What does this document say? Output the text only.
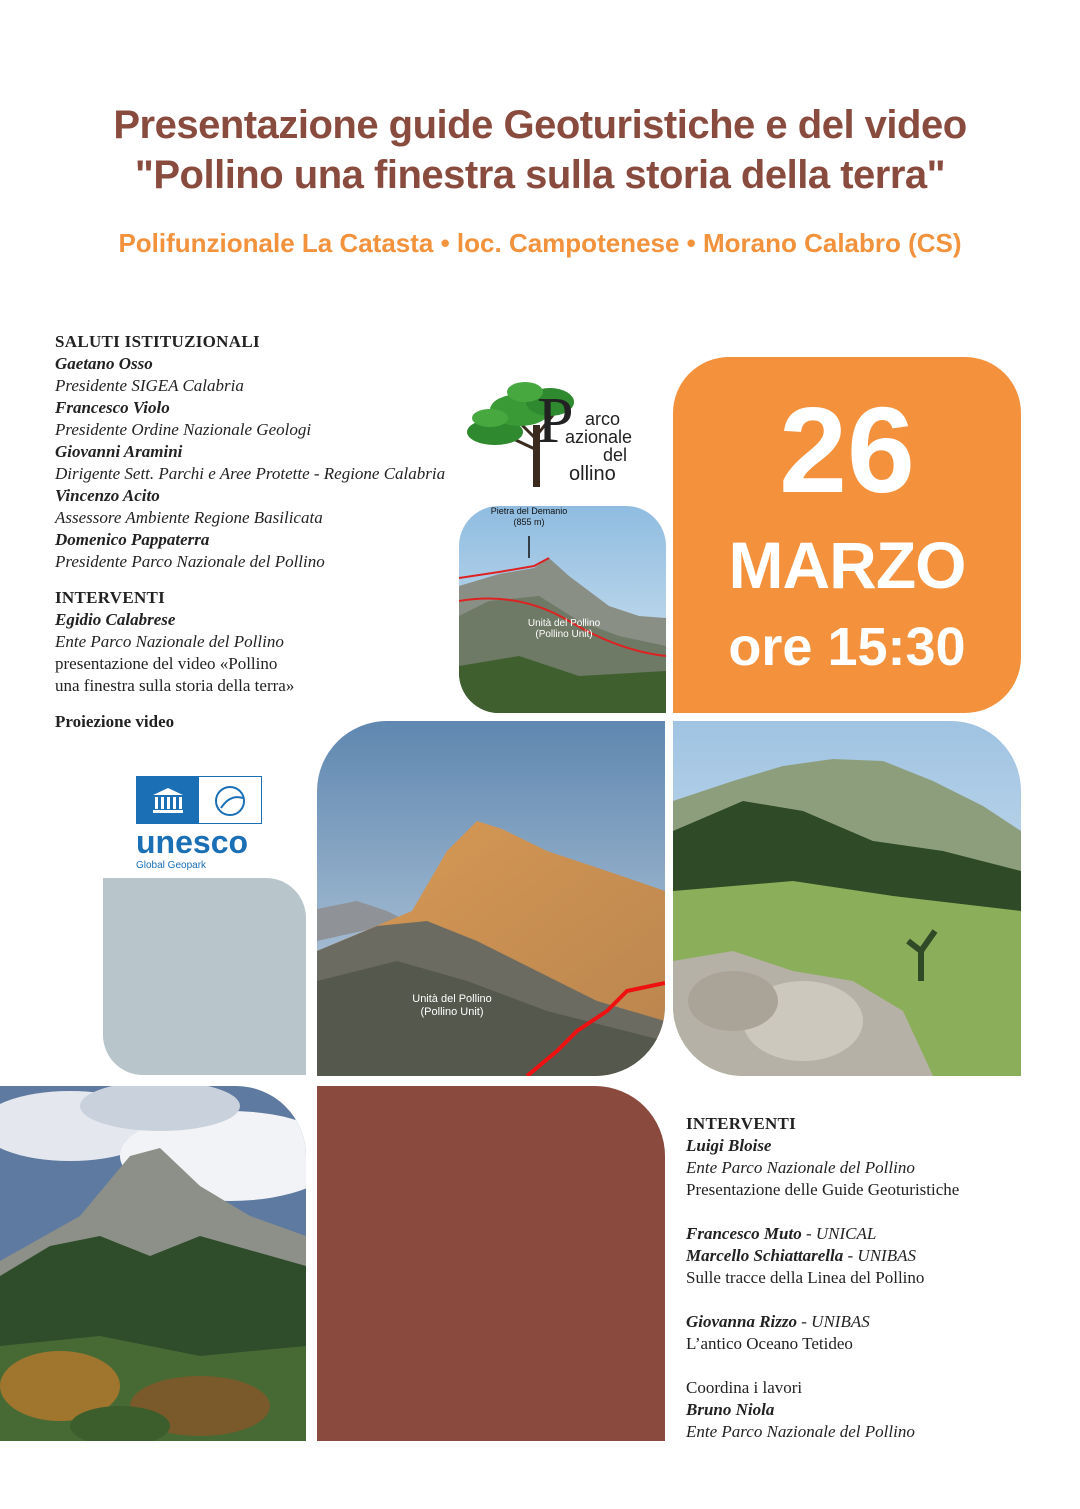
Presentazione guide Geoturistiche e del video
"Pollino una finestra sulla storia della terra"
Polifunzionale La Catasta • loc. Campotenese • Morano Calabro (CS)
SALUTI ISTITUZIONALI
Gaetano Osso
Presidente SIGEA Calabria
Francesco Violo
Presidente Ordine Nazionale Geologi
Giovanni Aramini
Dirigente Sett. Parchi e Aree Protette - Regione Calabria
Vincenzo Acito
Assessore Ambiente Regione Basilicata
Domenico Pappaterra
Presidente Parco Nazionale del Pollino
INTERVENTI
Egidio Calabrese
Ente Parco Nazionale del Pollino
presentazione del video «Pollino
una finestra sulla storia della terra»
Proiezione video
P arco
azionale
del
ollino
Pietra del Demanio
(855 m)
Unità del Pollino
(Pollino Unit)
26
MARZO
ore 15:30
unesco
Global Geopark
Unità del Pollino
(Pollino Unit)
INTERVENTI
Luigi Bloise
Ente Parco Nazionale del Pollino
Presentazione delle Guide Geoturistiche
Francesco Muto - UNICAL
Marcello Schiattarella - UNIBAS
Sulle tracce della Linea del Pollino
Giovanna Rizzo - UNIBAS
L’antico Oceano Tetideo
Coordina i lavori
Bruno Niola
Ente Parco Nazionale del Pollino
